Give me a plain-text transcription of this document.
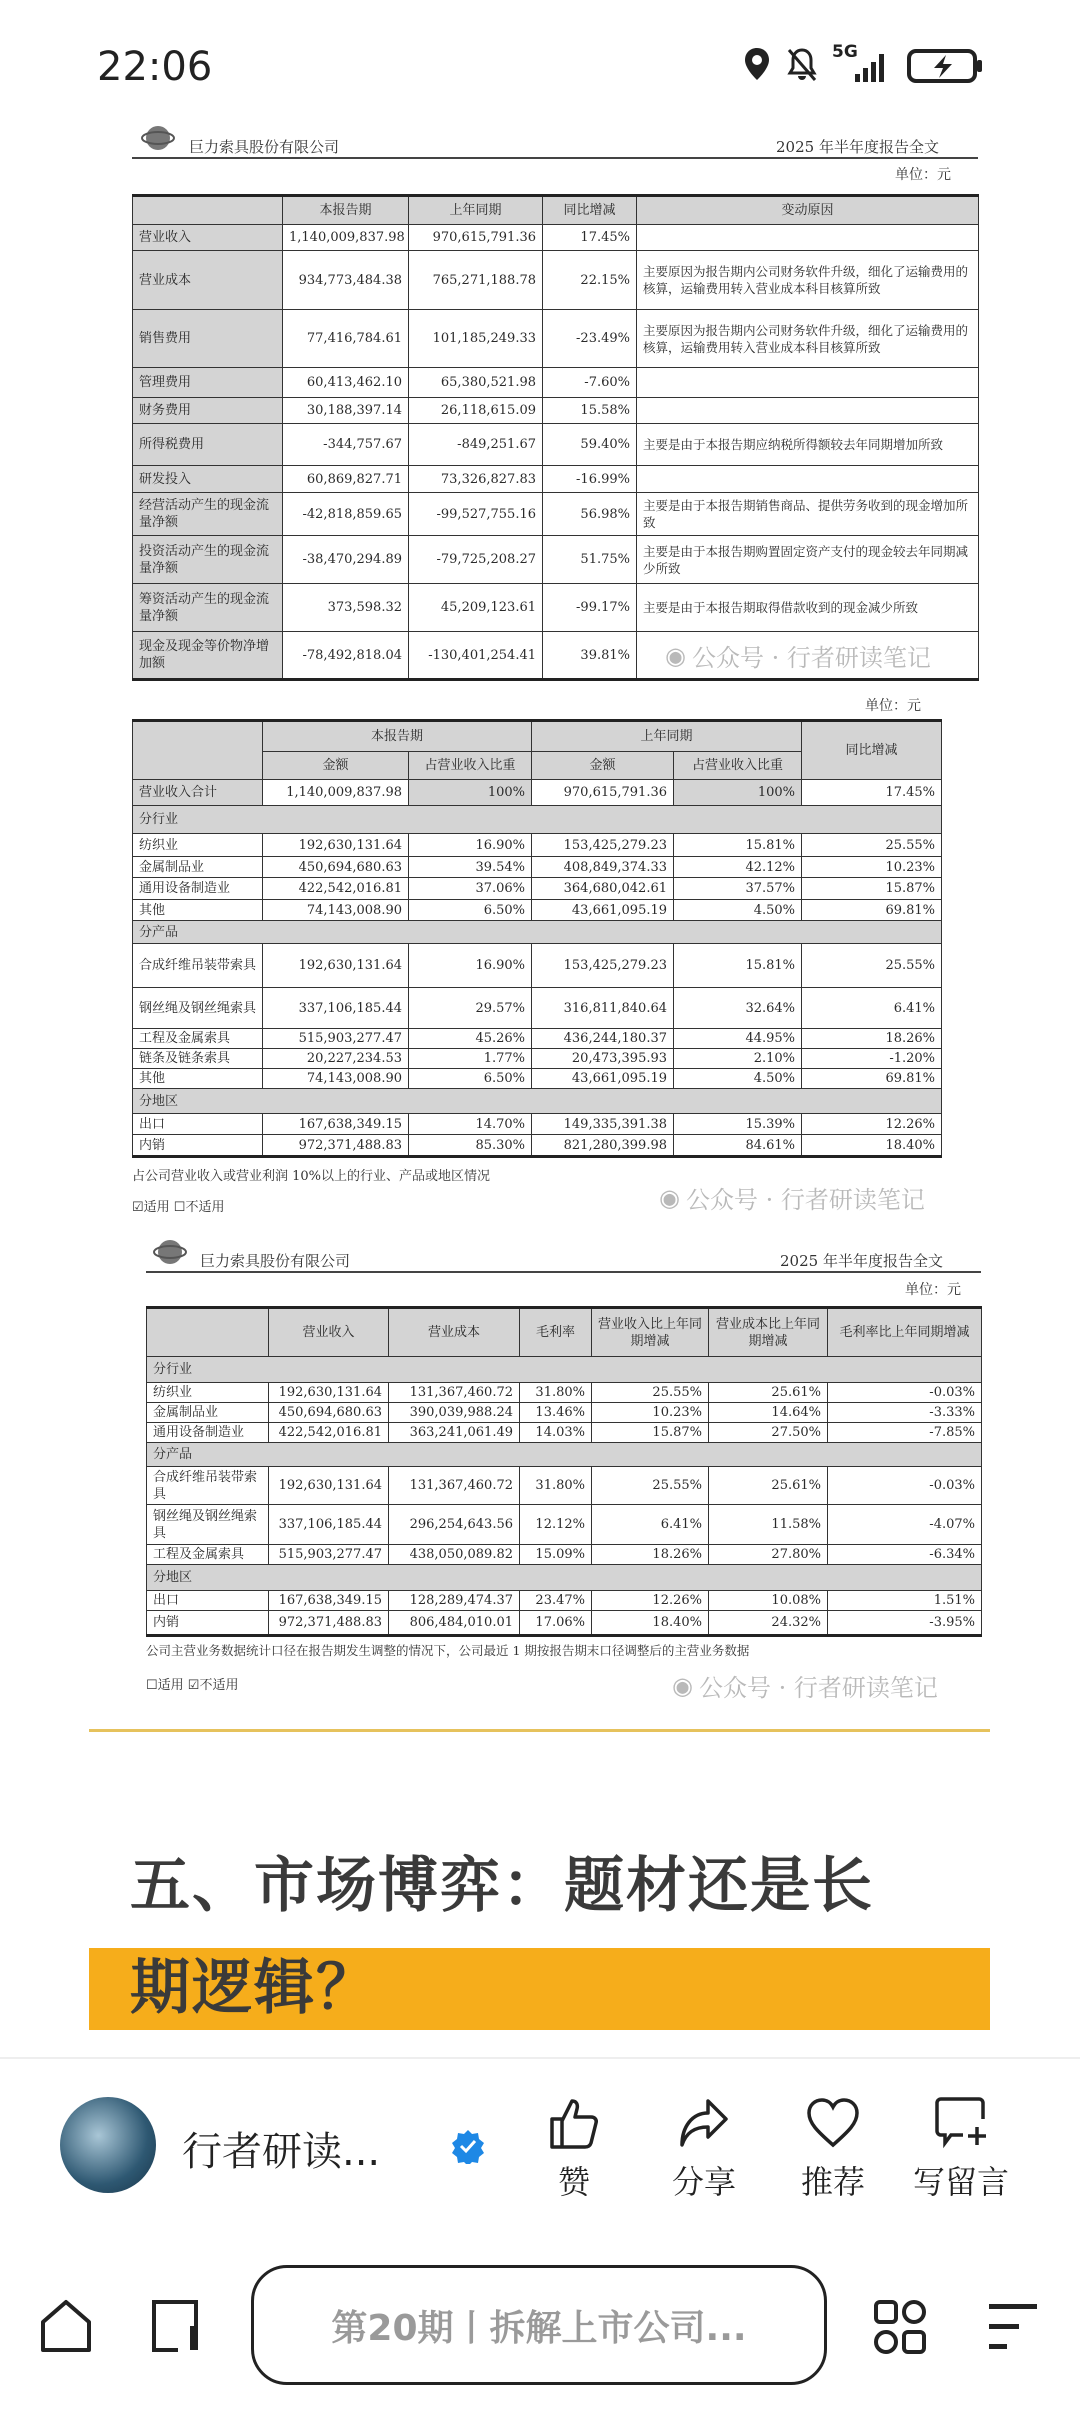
22:06	5G
巨力索具股份有限公司	2025 年半年度报告全文
单位：元
	本报告期	上年同期	同比增减	变动原因
营业收入	1,140,009,837.98	970,615,791.36	17.45%	
营业成本	934,773,484.38	765,271,188.78	22.15%	主要原因为报告期内公司财务软件升级，细化了运输费用的核算，运输费用转入营业成本科目核算所致
销售费用	77,416,784.61	101,185,249.33	-23.49%	主要原因为报告期内公司财务软件升级，细化了运输费用的核算，运输费用转入营业成本科目核算所致
管理费用	60,413,462.10	65,380,521.98	-7.60%	
财务费用	30,188,397.14	26,118,615.09	15.58%	
所得税费用	-344,757.67	-849,251.67	59.40%	主要是由于本报告期应纳税所得额较去年同期增加所致
研发投入	60,869,827.71	73,326,827.83	-16.99%	
经营活动产生的现金流量净额	-42,818,859.65	-99,527,755.16	56.98%	主要是由于本报告期销售商品、提供劳务收到的现金增加所致
投资活动产生的现金流量净额	-38,470,294.89	-79,725,208.27	51.75%	主要是由于本报告期购置固定资产支付的现金较去年同期减少所致
筹资活动产生的现金流量净额	373,598.32	45,209,123.61	-99.17%	主要是由于本报告期取得借款收到的现金减少所致
现金及现金等价物净增加额	-78,492,818.04	-130,401,254.41	39.81%	◉ 公众号 · 行者研读笔记
单位：元
	本报告期		上年同期		同比增减
	金额	占营业收入比重	金额	占营业收入比重	
营业收入合计	1,140,009,837.98	100%	970,615,791.36	100%	17.45%
分行业					
纺织业	192,630,131.64	16.90%	153,425,279.23	15.81%	25.55%
金属制品业	450,694,680.63	39.54%	408,849,374.33	42.12%	10.23%
通用设备制造业	422,542,016.81	37.06%	364,680,042.61	37.57%	15.87%
其他	74,143,008.90	6.50%	43,661,095.19	4.50%	69.81%
分产品					
合成纤维吊装带索具	192,630,131.64	16.90%	153,425,279.23	15.81%	25.55%
钢丝绳及钢丝绳索具	337,106,185.44	29.57%	316,811,840.64	32.64%	6.41%
工程及金属索具	515,903,277.47	45.26%	436,244,180.37	44.95%	18.26%
链条及链条索具	20,227,234.53	1.77%	20,473,395.93	2.10%	-1.20%
其他	74,143,008.90	6.50%	43,661,095.19	4.50%	69.81%
分地区					
出口	167,638,349.15	14.70%	149,335,391.38	15.39%	12.26%
内销	972,371,488.83	85.30%	821,280,399.98	84.61%	18.40%
占公司营业收入或营业利润 10%以上的行业、产品或地区情况
☑适用 ☐不适用	◉ 公众号 · 行者研读笔记
巨力索具股份有限公司	2025 年半年度报告全文
单位：元
	营业收入	营业成本	毛利率	营业收入比上年同期增减	营业成本比上年同期增减	毛利率比上年同期增减
分行业						
纺织业	192,630,131.64	131,367,460.72	31.80%	25.55%	25.61%	-0.03%
金属制品业	450,694,680.63	390,039,988.24	13.46%	10.23%	14.64%	-3.33%
通用设备制造业	422,542,016.81	363,241,061.49	14.03%	15.87%	27.50%	-7.85%
分产品						
合成纤维吊装带索具	192,630,131.64	131,367,460.72	31.80%	25.55%	25.61%	-0.03%
钢丝绳及钢丝绳索具	337,106,185.44	296,254,643.56	12.12%	6.41%	11.58%	-4.07%
工程及金属索具	515,903,277.47	438,050,089.82	15.09%	18.26%	27.80%	-6.34%
分地区						
出口	167,638,349.15	128,289,474.37	23.47%	12.26%	10.08%	1.51%
内销	972,371,488.83	806,484,010.01	17.06%	18.40%	24.32%	-3.95%
公司主营业务数据统计口径在报告期发生调整的情况下，公司最近 1 期按报告期末口径调整后的主营业务数据
☐适用 ☑不适用	◉ 公众号 · 行者研读笔记
五、市场博弈：题材还是长
期逻辑？
行者研读...
赞	分享	推荐	写留言
第20期丨拆解上市公司...
